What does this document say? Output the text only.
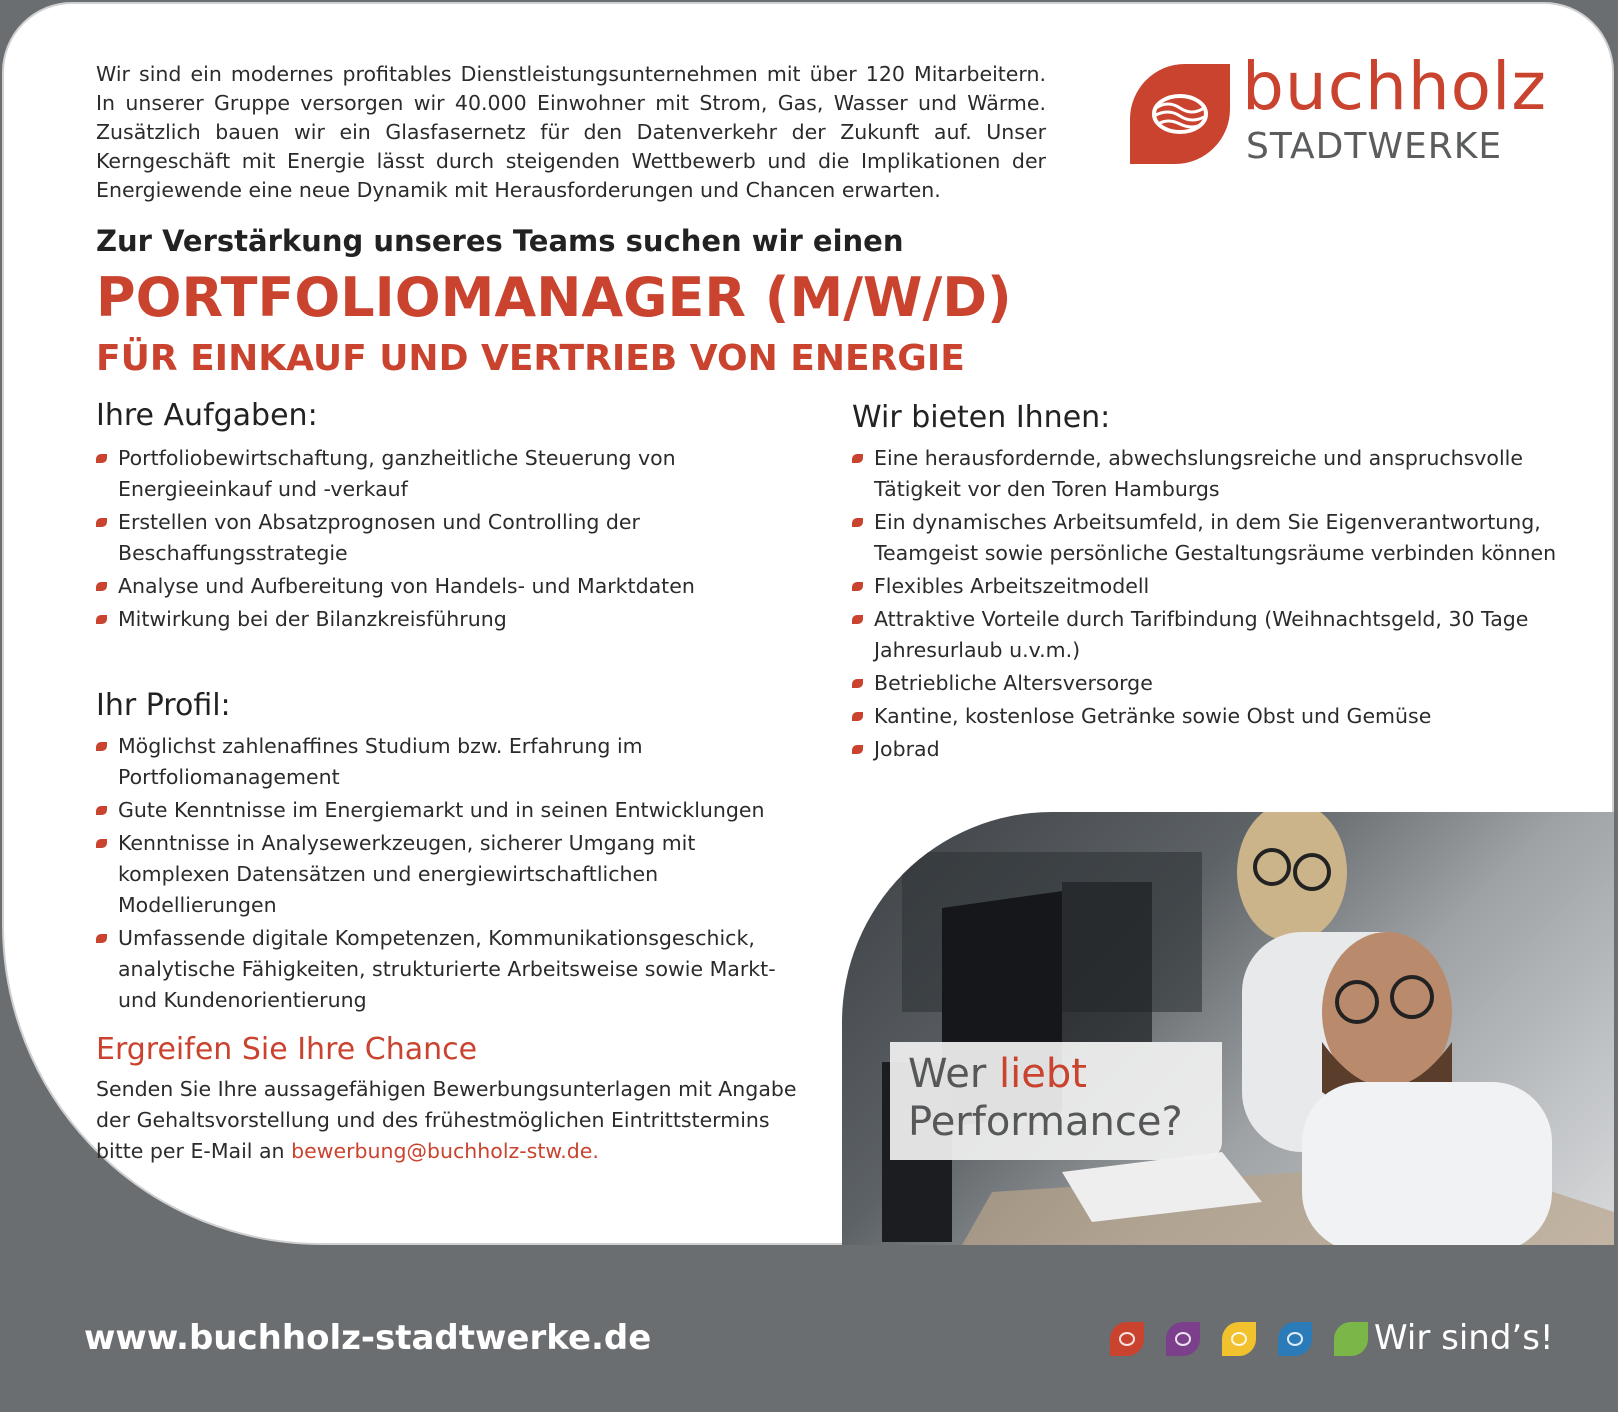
Wir sind ein modernes profitables Dienstleistungsunternehmen mit über 120 Mitarbeitern. In unserer Gruppe versorgen wir 40.000 Einwohner mit Strom, Gas, Wasser und Wärme. Zusätzlich bauen wir ein Glasfasernetz für den Datenverkehr der Zukunft auf. Unser Kerngeschäft mit Energie lässt durch steigenden Wettbewerb und die Implikationen der Energiewende eine neue Dynamik mit Herausforderungen und Chancen erwarten.

buchholz
STADTWERKE
Zur Verstärkung unseres Teams suchen wir einen
PORTFOLIOMANAGER (M/W/D)
FÜR EINKAUF UND VERTRIEB VON ENERGIE
Ihre Aufgaben:
Portfoliobewirtschaftung, ganzheitliche Steuerung von Energieeinkauf und -verkauf
Erstellen von Absatzprognosen und Controlling der Beschaffungsstrategie
Analyse und Aufbereitung von Handels- und Marktdaten
Mitwirkung bei der Bilanzkreisführung
Ihr Profil:
Möglichst zahlenaffines Studium bzw. Erfahrung im Portfoliomanagement
Gute Kenntnisse im Energiemarkt und in seinen Entwicklungen
Kenntnisse in Analysewerkzeugen, sicherer Umgang mit komplexen Datensätzen und energiewirtschaftlichen Modellierungen
Umfassende digitale Kompetenzen, Kommunikationsgeschick, analytische Fähigkeiten, strukturierte Arbeitsweise sowie Markt- und Kundenorientierung
Wir bieten Ihnen:
Eine herausfordernde, abwechslungsreiche und anspruchsvolle Tätigkeit vor den Toren Hamburgs
Ein dynamisches Arbeitsumfeld, in dem Sie Eigenverantwortung, Teamgeist sowie persönliche Gestaltungsräume verbinden können
Flexibles Arbeitszeitmodell
Attraktive Vorteile durch Tarifbindung (Weihnachtsgeld, 30 Tage Jahresurlaub u.v.m.)
Betriebliche Altersversorge
Kantine, kostenlose Getränke sowie Obst und Gemüse
Jobrad
Ergreifen Sie Ihre Chance

Senden Sie Ihre aussagefähigen Bewerbungsunterlagen mit Angabe der Gehaltsvorstellung und des frühestmöglichen Eintrittstermins bitte per E-Mail an bewerbung@buchholz-stw.de.

Wer liebt
Performance?

www.buchholz-stadtwerke.de	Wir sind’s!
